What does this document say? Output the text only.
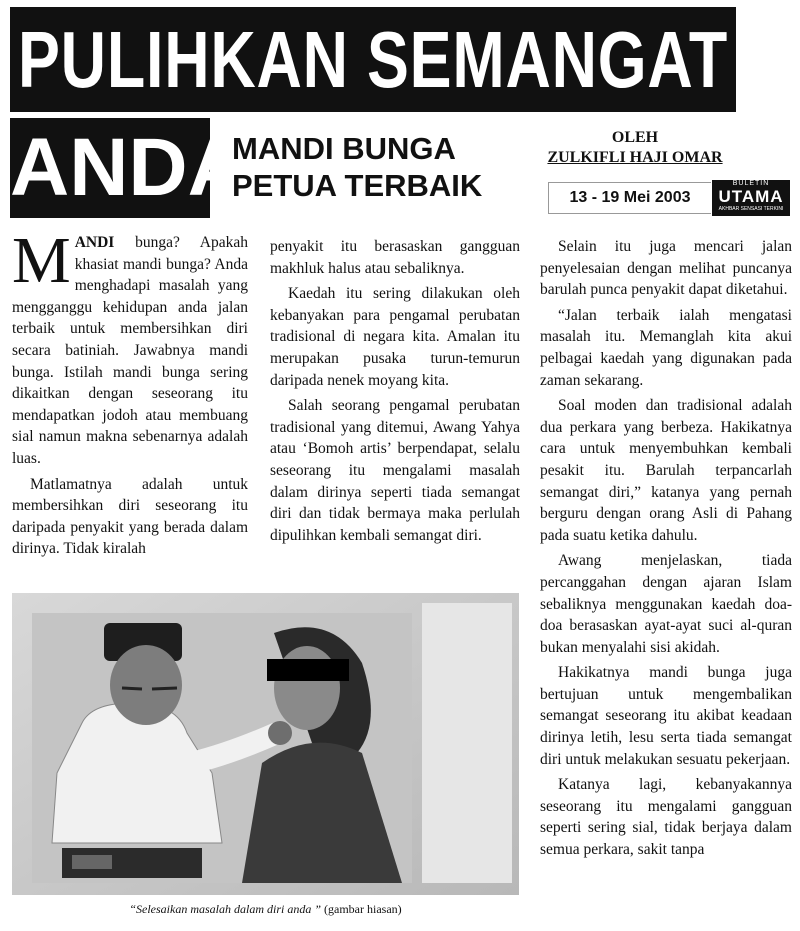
PULIHKAN SEMANGAT
ANDA
MANDI BUNGA
PETUA TERBAIK
OLEH
ZULKIFLI HAJI OMAR
13 - 19 Mei 2003
BULETIN
UTAMA
AKHBAR SENSASI TERKINI

MANDI bunga? Apakah khasiat mandi bunga? Anda menghadapi masalah yang mengganggu kehidupan anda jalan terbaik untuk membersihkan diri secara batiniah. Jawabnya mandi bunga. Istilah mandi bunga sering dikaitkan dengan seseorang itu mendapatkan jodoh atau membuang sial namun makna sebenarnya adalah luas.

Matlamatnya adalah untuk membersihkan diri seseorang itu daripada penyakit yang berada dalam dirinya. Tidak kiralah

penyakit itu berasaskan gangguan makhluk halus atau sebaliknya.

Kaedah itu sering dilakukan oleh kebanyakan para pengamal perubatan tradisional di negara kita. Amalan itu merupakan pusaka turun-temurun daripada nenek moyang kita.

Salah seorang pengamal perubatan tradisional yang ditemui, Awang Yahya atau ‘Bomoh artis’ berpendapat, selalu seseorang itu mengalami masalah dalam dirinya seperti tiada semangat diri dan tidak bermaya maka perlulah dipulihkan kembali semangat diri.

Selain itu juga mencari jalan penyelesaian dengan melihat puncanya barulah punca penyakit dapat diketahui.

“Jalan terbaik ialah mengatasi masalah itu. Memanglah kita akui pelbagai kaedah yang digunakan pada zaman sekarang.

Soal moden dan tradisional adalah dua perkara yang berbeza. Hakikatnya cara untuk menyembuhkan kembali pesakit itu. Barulah terpancarlah semangat diri,” katanya yang pernah berguru dengan orang Asli di Pahang pada suatu ketika dahulu.

Awang menjelaskan, tiada percanggahan dengan ajaran Islam sebaliknya menggunakan kaedah doa-doa berasaskan ayat-ayat suci al-quran bukan menyalahi sisi akidah.

Hakikatnya mandi bunga juga bertujuan untuk mengembalikan semangat seseorang itu akibat keadaan dirinya letih, lesu serta tiada semangat diri untuk melakukan sesuatu pekerjaan.

Katanya lagi, kebanyakannya seseorang itu mengalami gangguan seperti sering sial, tidak berjaya dalam semua perkara, sakit tanpa

“Selesaikan masalah dalam diri anda ” (gambar hiasan)
